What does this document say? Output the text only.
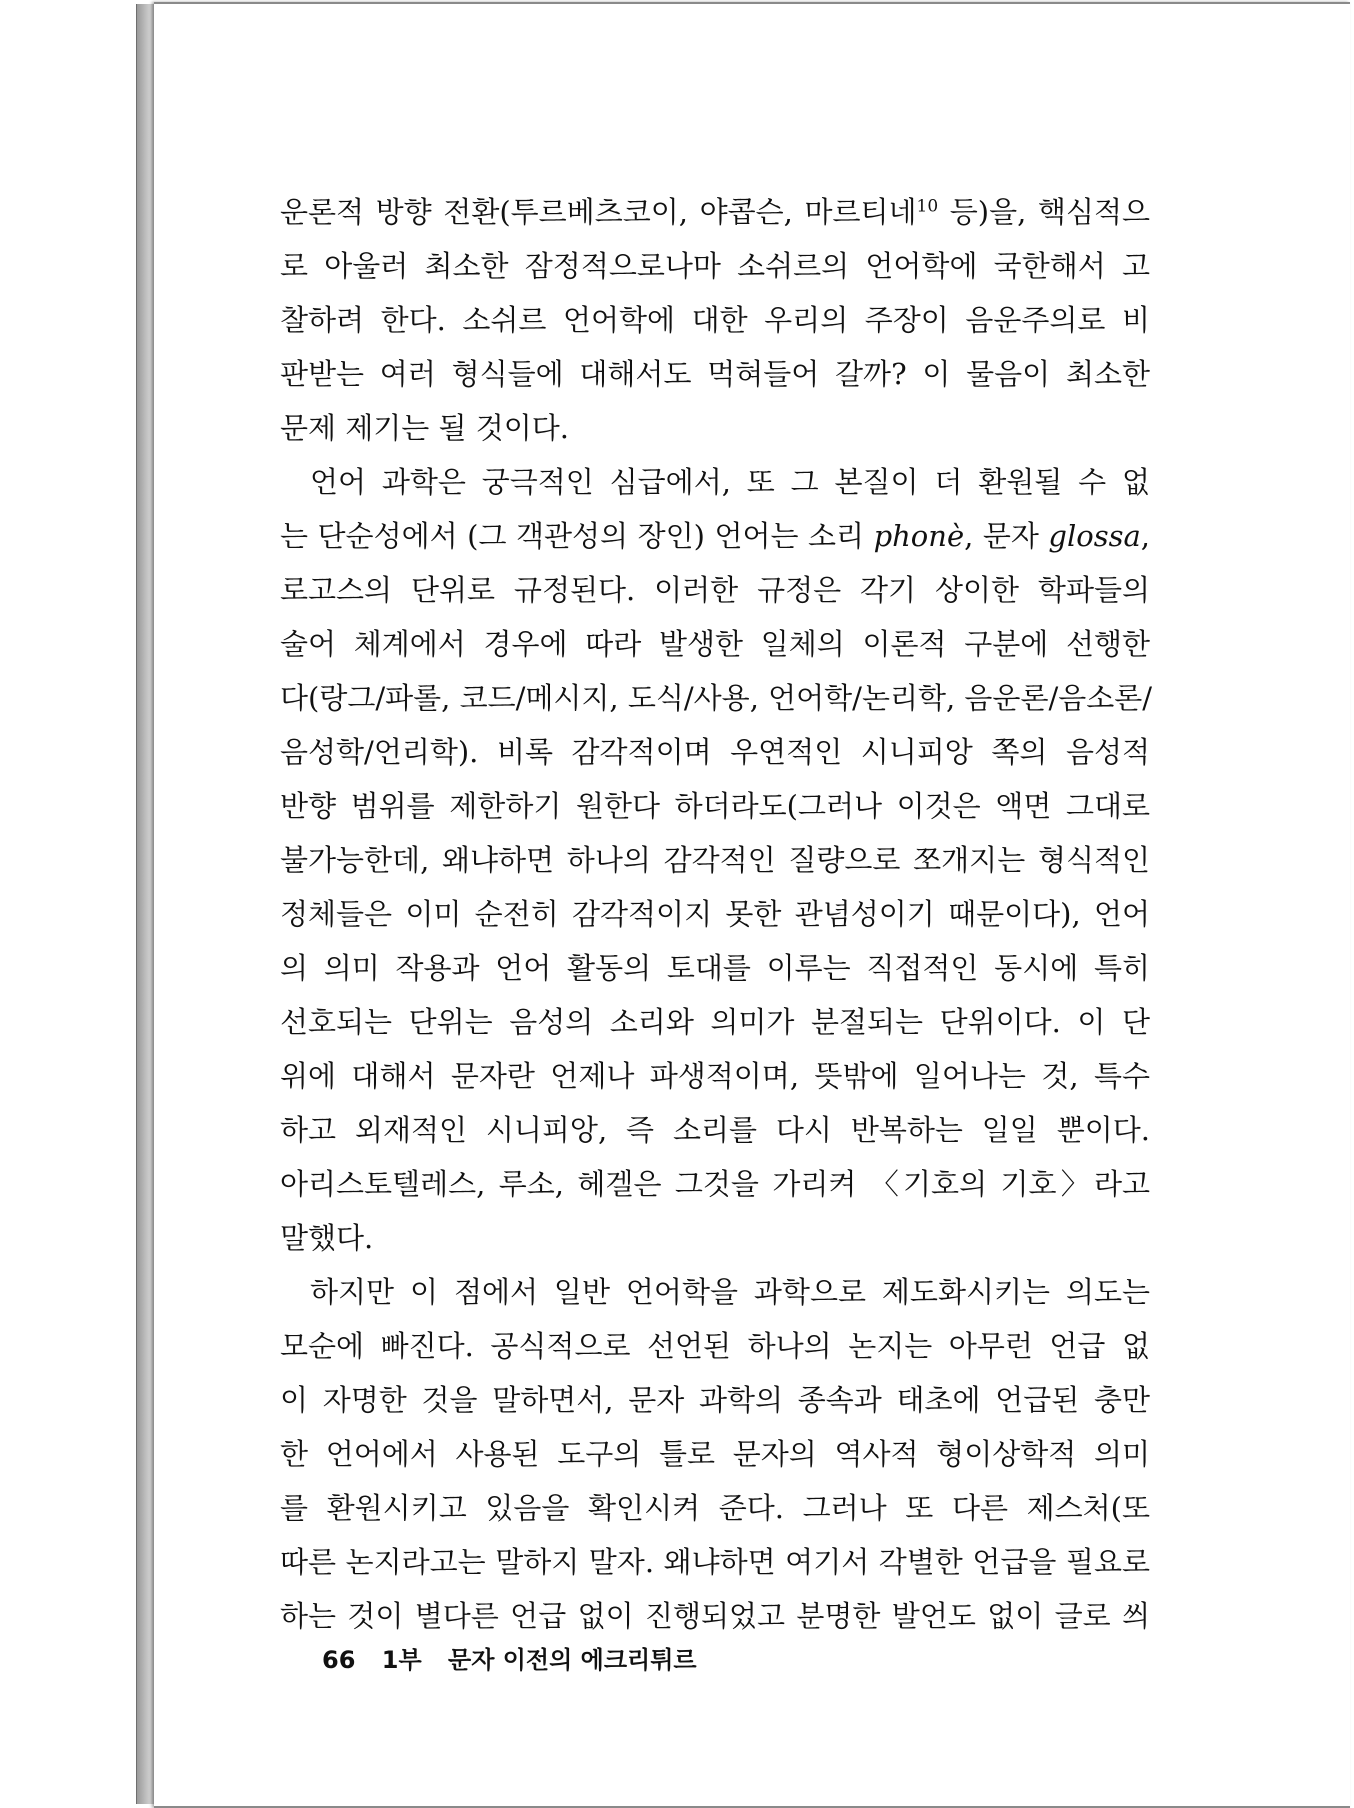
운론적 방향 전환(투르베츠코이, 야콥슨, 마르티네$^{10}$ 등)을, 핵심적으
로 아울러 최소한 잠정적으로나마 소쉬르의 언어학에 국한해서 고
찰하려 한다. 소쉬르 언어학에 대한 우리의 주장이 음운주의로 비
판받는 여러 형식들에 대해서도 먹혀들어 갈까? 이 물음이 최소한
문제 제기는 될 것이다.
언어 과학은 궁극적인 심급에서, 또 그 본질이 더 환원될 수 없
는 단순성에서 (그 객관성의 장인) 언어는 소리 phonè, 문자 glossa,
로고스의 단위로 규정된다. 이러한 규정은 각기 상이한 학파들의
술어 체계에서 경우에 따라 발생한 일체의 이론적 구분에 선행한
다(랑그/파롤, 코드/메시지, 도식/사용, 언어학/논리학, 음운론/음소론/
음성학/언리학). 비록 감각적이며 우연적인 시니피앙 쪽의 음성적
반향 범위를 제한하기 원한다 하더라도(그러나 이것은 액면 그대로
불가능한데, 왜냐하면 하나의 감각적인 질량으로 쪼개지는 형식적인
정체들은 이미 순전히 감각적이지 못한 관념성이기 때문이다), 언어
의 의미 작용과 언어 활동의 토대를 이루는 직접적인 동시에 특히
선호되는 단위는 음성의 소리와 의미가 분절되는 단위이다. 이 단
위에 대해서 문자란 언제나 파생적이며, 뜻밖에 일어나는 것, 특수
하고 외재적인 시니피앙, 즉 소리를 다시 반복하는 일일 뿐이다.
아리스토텔레스, 루소, 헤겔은 그것을 가리켜 〈기호의 기호〉라고
말했다.
하지만 이 점에서 일반 언어학을 과학으로 제도화시키는 의도는
모순에 빠진다. 공식적으로 선언된 하나의 논지는 아무런 언급 없
이 자명한 것을 말하면서, 문자 과학의 종속과 태초에 언급된 충만
한 언어에서 사용된 도구의 틀로 문자의 역사적 형이상학적 의미
를 환원시키고 있음을 확인시켜 준다. 그러나 또 다른 제스처(또
따른 논지라고는 말하지 말자. 왜냐하면 여기서 각별한 언급을 필요로
하는 것이 별다른 언급 없이 진행되었고 분명한 발언도 없이 글로 씌
66 1부 문자 이전의 에크리튀르
